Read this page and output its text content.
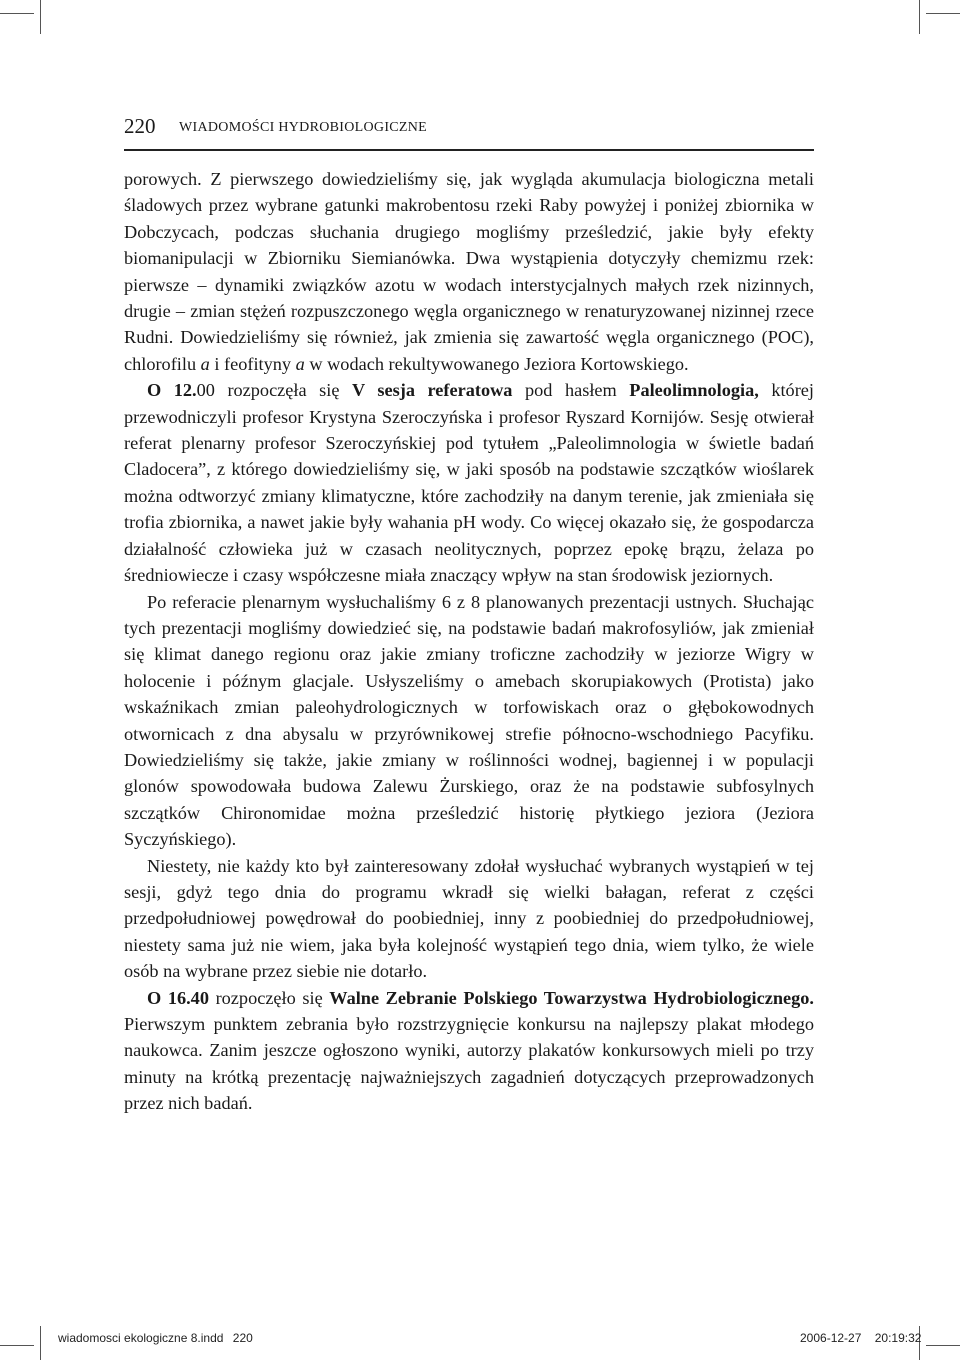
220 WIADOMOŚCI HYDROBIOLOGICZNE

porowych. Z pierwszego dowiedzieliśmy się, jak wygląda akumulacja biologiczna metali śladowych przez wybrane gatunki makrobentosu rzeki Raby powyżej i poniżej zbiornika w Dobczycach, podczas słuchania drugiego mogliśmy prześledzić, jakie były efekty biomanipulacji w Zbiorniku Siemianówka. Dwa wystąpienia dotyczyły chemizmu rzek: pierwsze – dynamiki związków azotu w wodach interstycjalnych małych rzek nizinnych, drugie – zmian stężeń rozpuszczonego węgla organicznego w renaturyzowanej nizinnej rzece Rudni. Dowiedzieliśmy się również, jak zmienia się zawartość węgla organicznego (POC), chlorofilu a i feofityny a w wodach rekultywowanego Jeziora Kortowskiego.

O 12.00 rozpoczęła się V sesja referatowa pod hasłem Paleolimnologia, której przewodniczyli profesor Krystyna Szeroczyńska i profesor Ryszard Kornijów. Sesję otwierał referat plenarny profesor Szeroczyńskiej pod tytułem „Paleolimnologia w świetle badań Cladocera”, z którego dowiedzieliśmy się, w jaki sposób na podstawie szczątków wioślarek można odtworzyć zmiany klimatyczne, które zachodziły na danym terenie, jak zmieniała się trofia zbiornika, a nawet jakie były wahania pH wody. Co więcej okazało się, że gospodarcza działalność człowieka już w czasach neolitycznych, poprzez epokę brązu, żelaza po średniowiecze i czasy współczesne miała znaczący wpływ na stan środowisk jeziornych.

Po referacie plenarnym wysłuchaliśmy 6 z 8 planowanych prezentacji ustnych. Słuchając tych prezentacji mogliśmy dowiedzieć się, na podstawie badań makrofosyliów, jak zmieniał się klimat danego regionu oraz jakie zmiany troficzne zachodziły w jeziorze Wigry w holocenie i późnym glacjale. Usłyszeliśmy o amebach skorupiakowych (Protista) jako wskaźnikach zmian paleohydrologicznych w torfowiskach oraz o głębokowodnych otwornicach z dna abysalu w przyrównikowej strefie północno-wschodniego Pacyfiku. Dowiedzieliśmy się także, jakie zmiany w roślinności wodnej, bagiennej i w populacji glonów spowodowała budowa Zalewu Żurskiego, oraz że na podstawie subfosylnych szczątków Chironomidae można prześledzić historię płytkiego jeziora (Jeziora Syczyńskiego).

Niestety, nie każdy kto był zainteresowany zdołał wysłuchać wybranych wystąpień w tej sesji, gdyż tego dnia do programu wkradł się wielki bałagan, referat z części przedpołudniowej powędrował do poobiedniej, inny z poobiedniej do przedpołudniowej, niestety sama już nie wiem, jaka była kolejność wystąpień tego dnia, wiem tylko, że wiele osób na wybrane przez siebie nie dotarło.

O 16.40 rozpoczęło się Walne Zebranie Polskiego Towarzystwa Hydrobiologicznego. Pierwszym punktem zebrania było rozstrzygnięcie konkursu na najlepszy plakat młodego naukowca. Zanim jeszcze ogłoszono wyniki, autorzy plakatów konkursowych mieli po trzy minuty na krótką prezentację najważniejszych zagadnień dotyczących przeprowadzonych przez nich badań.

wiadomosci ekologiczne 8.indd 220	2006-12-27 20:19:32
